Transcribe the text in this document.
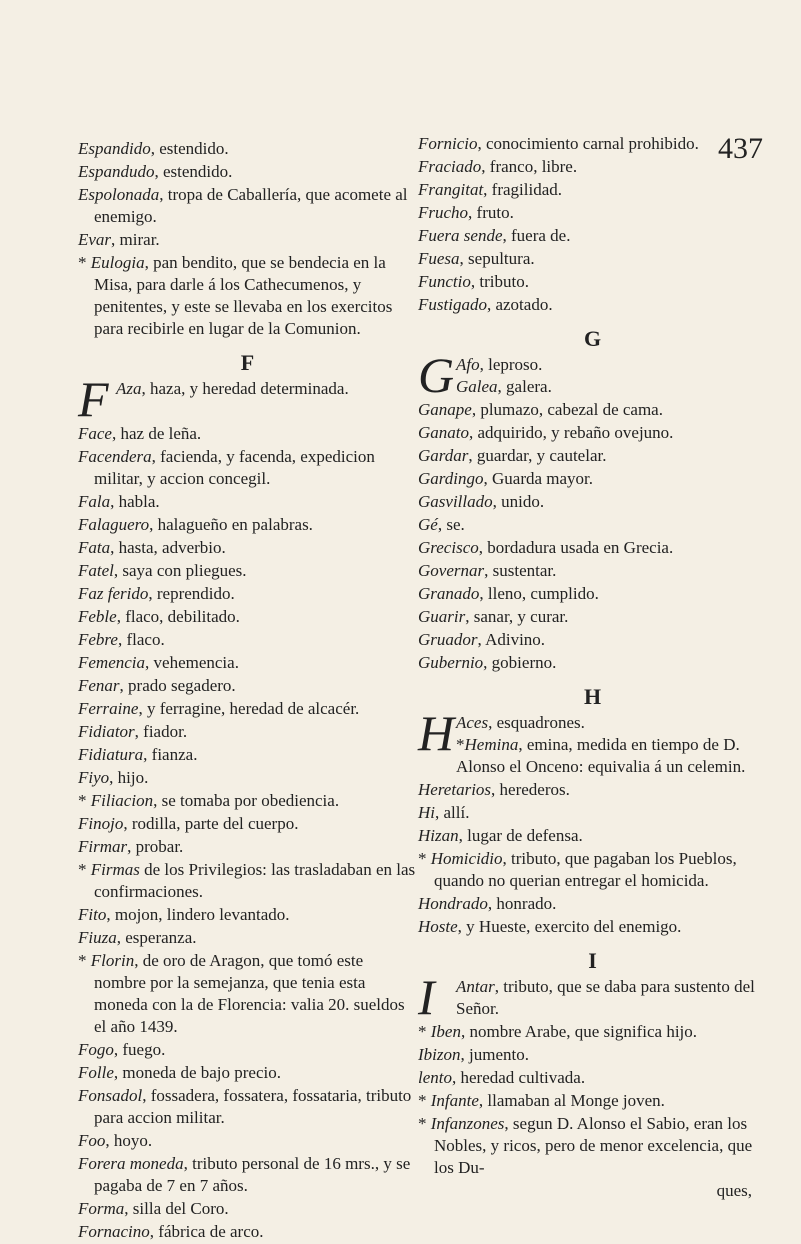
437
Espandido, estendido.
Espandudo, estendido.
Espolonada, tropa de Caballería, que acomete al enemigo.
Evar, mirar.
* Eulogia, pan bendito, que se bendecia en la Misa, para darle á los Cathecumenos, y penitentes, y este se llevaba en los exercitos para recibirle en lugar de la Comunion.
F
F Aza, haza, y heredad determinada.
Face, haz de leña.
Facendera, facienda, y facenda, expedicion militar, y accion concegil.
Fala, habla.
Falaguero, halagueño en palabras.
Fata, hasta, adverbio.
Fatel, saya con pliegues.
Faz ferido, reprendido.
Feble, flaco, debilitado.
Febre, flaco.
Femencia, vehemencia.
Fenar, prado segadero.
Ferraine, y ferragine, heredad de alcacér.
Fidiator, fiador.
Fidiatura, fianza.
Fiyo, hijo.
* Filiacion, se tomaba por obediencia.
Finojo, rodilla, parte del cuerpo.
Firmar, probar.
* Firmas de los Privilegios: las trasladaban en las confirmaciones.
Fito, mojon, lindero levantado.
Fiuza, esperanza.
* Florin, de oro de Aragon, que tomó este nombre por la semejanza, que tenia esta moneda con la de Florencia: valia 20. sueldos el año 1439.
Fogo, fuego.
Folle, moneda de bajo precio.
Fonsadol, fossadera, fossatera, fossataria, tributo para accion militar.
Foo, hoyo.
Forera moneda, tributo personal de 16 mrs., y se pagaba de 7 en 7 años.
Forma, silla del Coro.
Fornacino, fábrica de arco.
Fornicio, conocimiento carnal prohibido.
Fraciado, franco, libre.
Frangitat, fragilidad.
Frucho, fruto.
Fuera sende, fuera de.
Fuesa, sepultura.
Functio, tributo.
Fustigado, azotado.
G
G Afo, leproso.
Galea, galera.
Ganape, plumazo, cabezal de cama.
Ganato, adquirido, y rebaño ovejuno.
Gardar, guardar, y cautelar.
Gardingo, Guarda mayor.
Gasvillado, unido.
Gé, se.
Grecisco, bordadura usada en Grecia.
Governar, sustentar.
Granado, lleno, cumplido.
Guarir, sanar, y curar.
Gruador, Adivino.
Gubernio, gobierno.
H
H Aces, esquadrones.
*Hemina, emina, medida en tiempo de D. Alonso el Onceno: equivalia á un celemin.
Heretarios, herederos.
Hi, allí.
Hizan, lugar de defensa.
* Homicidio, tributo, que pagaban los Pueblos, quando no querian entregar el homicida.
Hondrado, honrado.
Hoste, y Hueste, exercito del enemigo.
I
I Antar, tributo, que se daba para sustento del Señor.
* Iben, nombre Arabe, que significa hijo.
Ibizon, jumento.
lento, heredad cultivada.
* Infante, llamaban al Monge joven.
* Infanzones, segun D. Alonso el Sabio, eran los Nobles, y ricos, pero de menor excelencia, que los Du-
ques,
